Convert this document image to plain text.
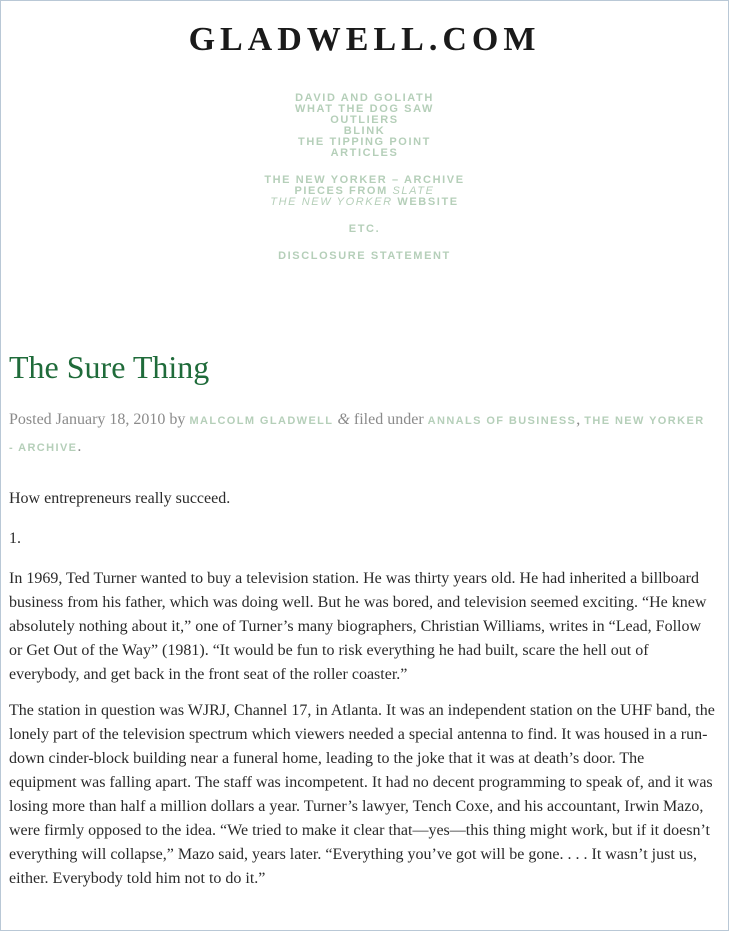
GLADWELL.COM
DAVID AND GOLIATH
WHAT THE DOG SAW
OUTLIERS
BLINK
THE TIPPING POINT
ARTICLES
THE NEW YORKER – ARCHIVE
PIECES FROM SLATE
THE NEW YORKER WEBSITE
ETC.
DISCLOSURE STATEMENT
The Sure Thing
Posted January 18, 2010 by MALCOLM GLADWELL & filed under ANNALS OF BUSINESS, THE NEW YORKER - ARCHIVE.

How entrepreneurs really succeed.

1.

In 1969, Ted Turner wanted to buy a television station. He was thirty years old. He had inherited a billboard business from his father, which was doing well. But he was bored, and television seemed exciting. “He knew absolutely nothing about it,” one of Turner’s many biographers, Christian Williams, writes in “Lead, Follow or Get Out of the Way” (1981). “It would be fun to risk everything he had built, scare the hell out of everybody, and get back in the front seat of the roller coaster.”

The station in question was WJRJ, Channel 17, in Atlanta. It was an independent station on the UHF band, the lonely part of the television spectrum which viewers needed a special antenna to find. It was housed in a run-down cinder-block building near a funeral home, leading to the joke that it was at death’s door. The equipment was falling apart. The staff was incompetent. It had no decent programming to speak of, and it was losing more than half a million dollars a year. Turner’s lawyer, Tench Coxe, and his accountant, Irwin Mazo, were firmly opposed to the idea. “We tried to make it clear that—yes—this thing might work, but if it doesn’t everything will collapse,” Mazo said, years later. “Everything you’ve got will be gone. . . . It wasn’t just us, either. Everybody told him not to do it.”
